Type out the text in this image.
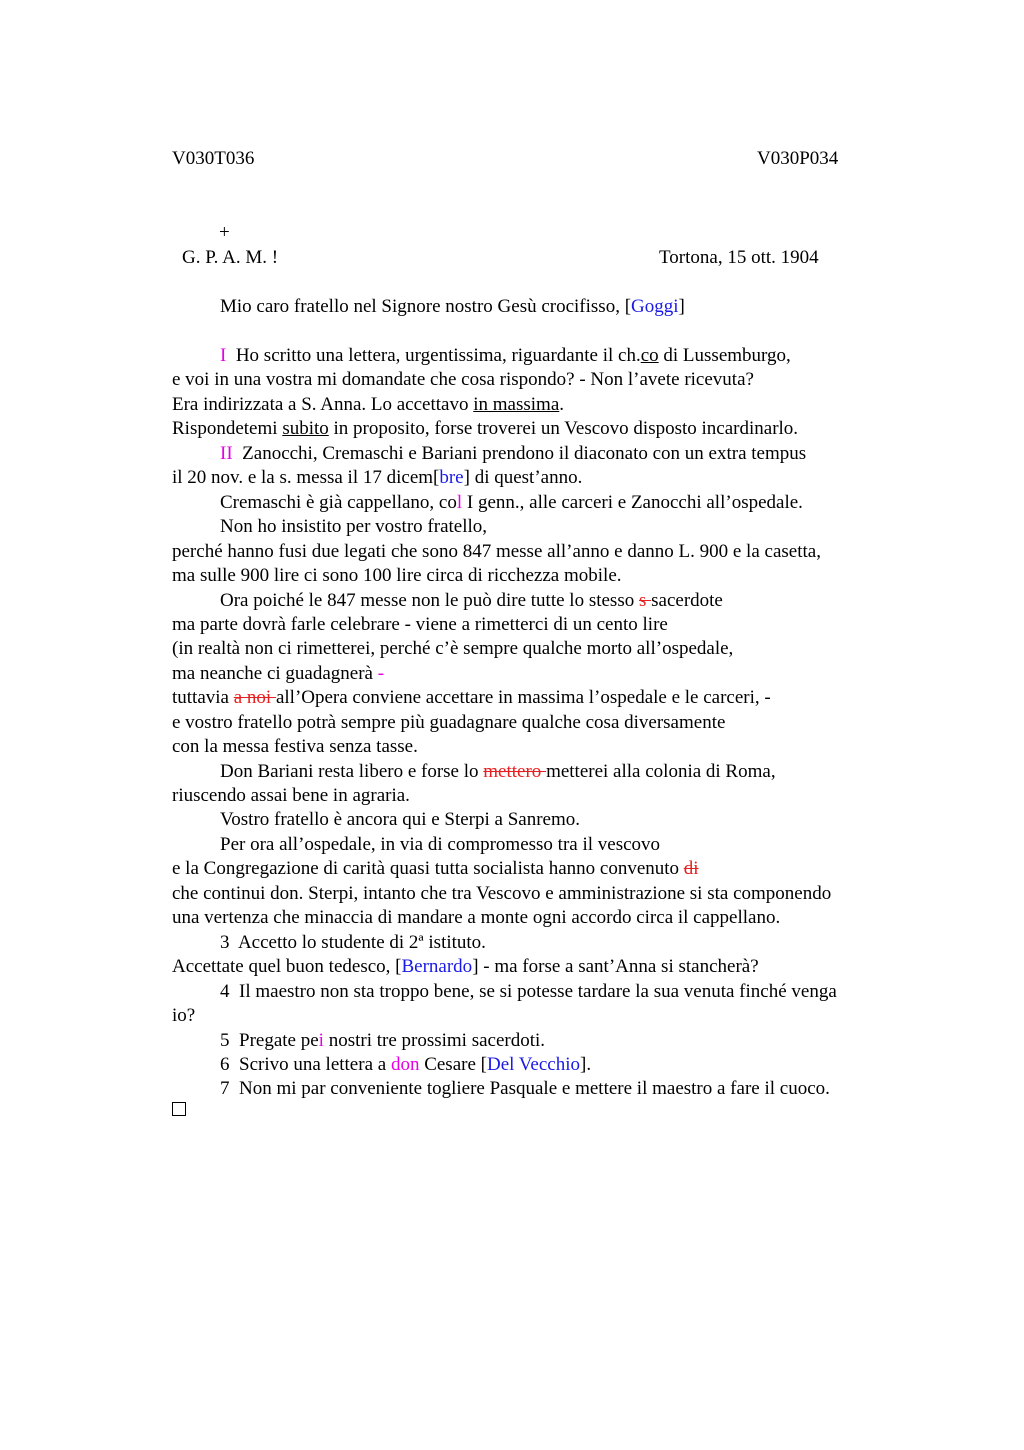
V030T036	V030P034
+
G. P. A. M. !	Tortona, 15 ott. 1904
Mio caro fratello nel Signore nostro Gesù crocifisso, [Goggi]
I  Ho scritto una lettera, urgentissima, riguardante il ch.co di Lussemburgo,
e voi in una vostra mi domandate che cosa rispondo? - Non l’avete ricevuta?
Era indirizzata a S. Anna. Lo accettavo in massima.
Rispondetemi subito in proposito, forse troverei un Vescovo disposto incardinarlo.
II  Zanocchi, Cremaschi e Bariani prendono il diaconato con un extra tempus
il 20 nov. e la s. messa il 17 dicem[bre] di quest’anno.
Cremaschi è già cappellano, col I genn., alle carceri e Zanocchi all’ospedale.
Non ho insistito per vostro fratello,
perché hanno fusi due legati che sono 847 messe all’anno e danno L. 900 e la casetta,
ma sulle 900 lire ci sono 100 lire circa di ricchezza mobile.
Ora poiché le 847 messe non le può dire tutte lo stesso s sacerdote
ma parte dovrà farle celebrare - viene a rimetterci di un cento lire
(in realtà non ci rimetterei, perché c’è sempre qualche morto all’ospedale,
ma neanche ci guadagnerà -
tuttavia a noi all’Opera conviene accettare in massima l’ospedale e le carceri, -
e vostro fratello potrà sempre più guadagnare qualche cosa diversamente
con la messa festiva senza tasse.
Don Bariani resta libero e forse lo mettero metterei alla colonia di Roma,
riuscendo assai bene in agraria.
Vostro fratello è ancora qui e Sterpi a Sanremo.
Per ora all’ospedale, in via di compromesso tra il vescovo
e la Congregazione di carità quasi tutta socialista hanno convenuto di
che continui don. Sterpi, intanto che tra Vescovo e amministrazione si sta componendo
una vertenza che minaccia di mandare a monte ogni accordo circa il cappellano.
3  Accetto lo studente di 2ª istituto.
Accettate quel buon tedesco, [Bernardo] - ma forse a sant’Anna si stancherà?
4  Il maestro non sta troppo bene, se si potesse tardare la sua venuta finché venga
io?
5  Pregate pei nostri tre prossimi sacerdoti.
6  Scrivo una lettera a don Cesare [Del Vecchio].
7  Non mi par conveniente togliere Pasquale e mettere il maestro a fare il cuoco.
